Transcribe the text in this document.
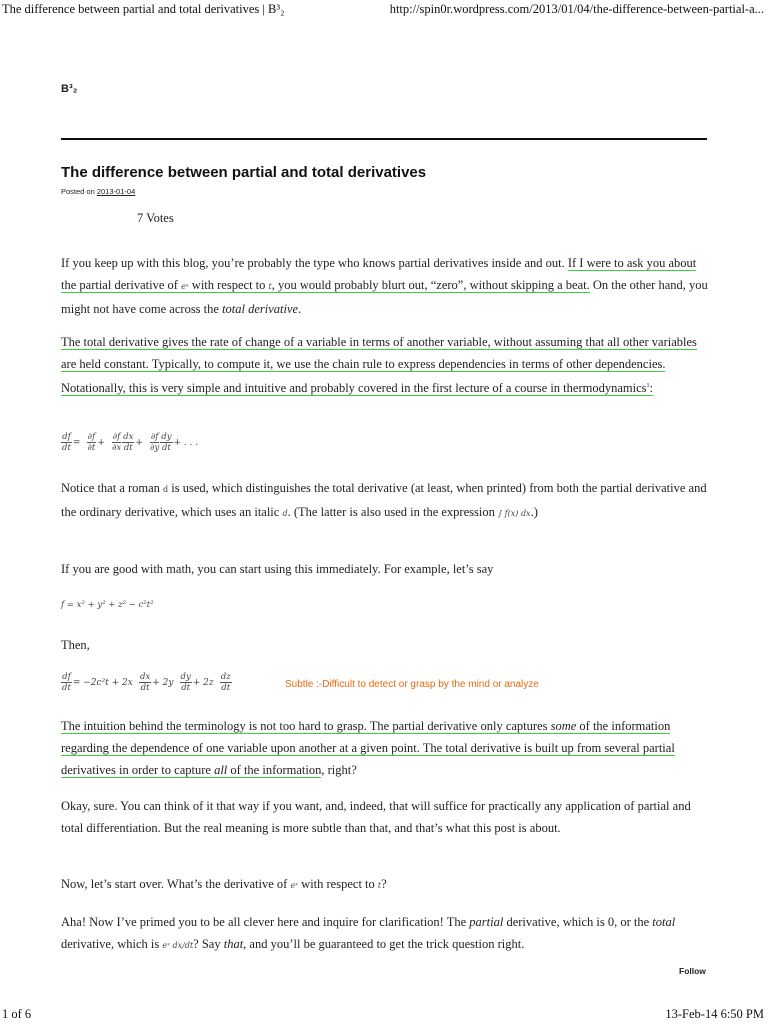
The difference between partial and total derivatives | B³₂	http://spin0r.wordpress.com/2013/01/04/the-difference-between-partial-a...
B³₂
The difference between partial and total derivatives
Posted on 2013-01-04
7 Votes

If you keep up with this blog, you’re probably the type who knows partial derivatives inside and out. If I were to ask you about the partial derivative of eˣ with respect to t, you would probably blurt out, “zero”, without skipping a beat. On the other hand, you might not have come across the total derivative.

The total derivative gives the rate of change of a variable in terms of another variable, without assuming that all other variables are held constant. Typically, to compute it, we use the chain rule to express dependencies in terms of other dependencies. Notationally, this is very simple and intuitive and probably covered in the first lecture of a course in thermodynamics$^1$:

$\frac{df}{dt} = \frac{\partial f}{\partial t} + \frac{\partial f}{\partial x} \frac{dx}{dt} + \frac{\partial f}{\partial y} \frac{dy}{dt}$ + . . .

Notice that a roman d is used, which distinguishes the total derivative (at least, when printed) from both the partial derivative and the ordinary derivative, which uses an italic d. (The latter is also used in the expression ∫ f(x) dx.)

If you are good with math, you can start using this immediately. For example, let’s say

f = x² + y² + z² − c²t²

Then,

$\frac{df}{dt} = -2c^2t + 2x \frac{dx}{dt} + 2y \frac{dy}{dt} + 2z \frac{dz}{dt}$	Subtle :-Difficult to detect or grasp by the mind or analyze

The intuition behind the terminology is not too hard to grasp. The partial derivative only captures some of the information regarding the dependence of one variable upon another at a given point. The total derivative is built up from several partial derivatives in order to capture all of the information, right?

Okay, sure. You can think of it that way if you want, and, indeed, that will suffice for practically any application of partial and total differentiation. But the real meaning is more subtle than that, and that’s what this post is about.

Now, let’s start over. What’s the derivative of eˣ with respect to t?

Aha! Now I’ve primed you to be all clever here and inquire for clarification! The partial derivative, which is 0, or the total derivative, which is eˣ dx/dt? Say that, and you’ll be guaranteed to get the trick question right.

Follow
1 of 6	13-Feb-14 6:50 PM
